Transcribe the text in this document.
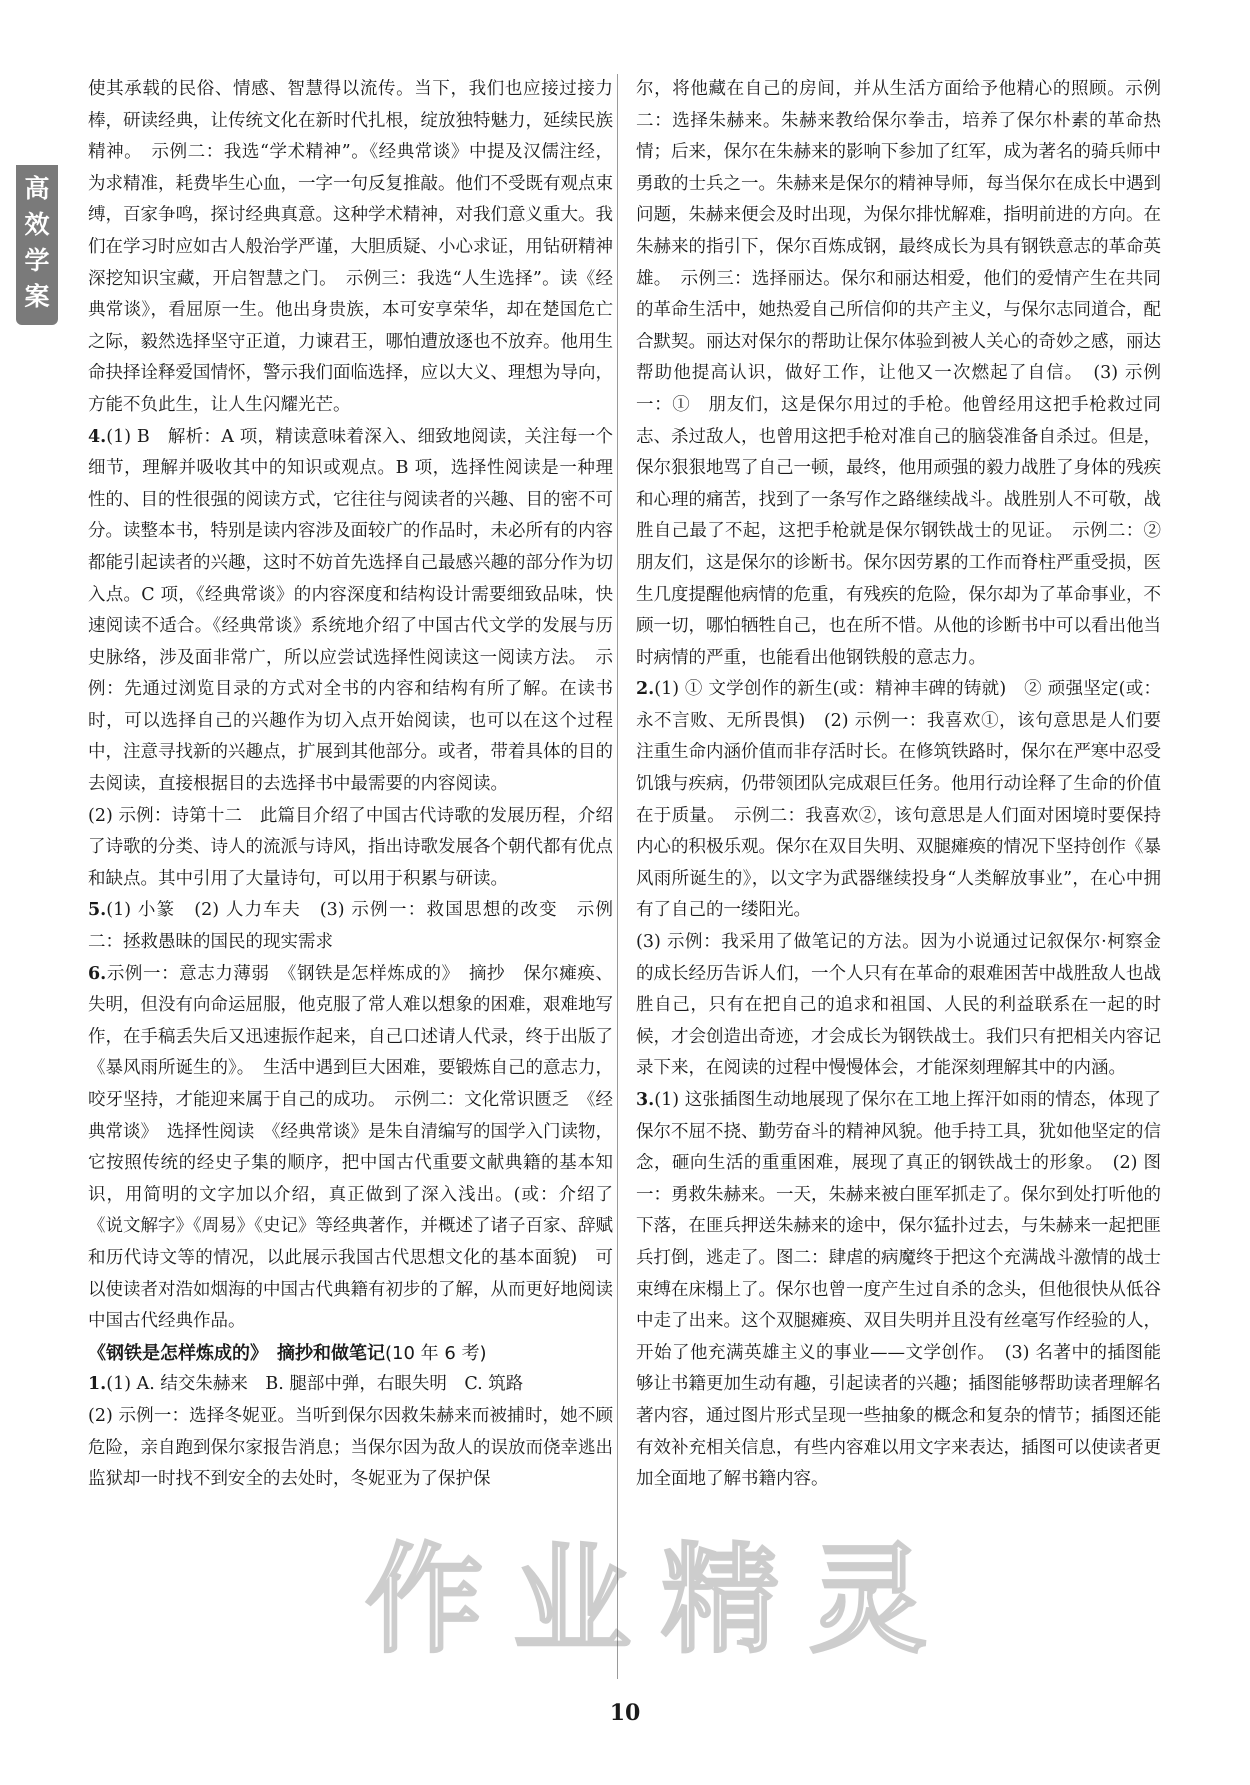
高
效
学
案

使其承载的民俗、情感、智慧得以流传。当下，我们也应接过接力棒，研读经典，让传统文化在新时代扎根，绽放独特魅力，延续民族精神。　示例二：我选“学术精神”。《经典常谈》中提及汉儒注经，为求精准，耗费毕生心血，一字一句反复推敲。他们不受既有观点束缚，百家争鸣，探讨经典真意。这种学术精神，对我们意义重大。我们在学习时应如古人般治学严谨，大胆质疑、小心求证，用钻研精神深挖知识宝藏，开启智慧之门。　示例三：我选“人生选择”。读《经典常谈》，看屈原一生。他出身贵族，本可安享荣华，却在楚国危亡之际，毅然选择坚守正道，力谏君王，哪怕遭放逐也不放弃。他用生命抉择诠释爱国情怀，警示我们面临选择，应以大义、理想为导向，方能不负此生，让人生闪耀光芒。

4.(1) B　解析：A 项，精读意味着深入、细致地阅读，关注每一个细节，理解并吸收其中的知识或观点。B 项，选择性阅读是一种理性的、目的性很强的阅读方式，它往往与阅读者的兴趣、目的密不可分。读整本书，特别是读内容涉及面较广的作品时，未必所有的内容都能引起读者的兴趣，这时不妨首先选择自己最感兴趣的部分作为切入点。C 项，《经典常谈》的内容深度和结构设计需要细致品味，快速阅读不适合。《经典常谈》系统地介绍了中国古代文学的发展与历史脉络，涉及面非常广，所以应尝试选择性阅读这一阅读方法。　示例：先通过浏览目录的方式对全书的内容和结构有所了解。在读书时，可以选择自己的兴趣作为切入点开始阅读，也可以在这个过程中，注意寻找新的兴趣点，扩展到其他部分。或者，带着具体的目的去阅读，直接根据目的去选择书中最需要的内容阅读。

(2) 示例：诗第十二　此篇目介绍了中国古代诗歌的发展历程，介绍了诗歌的分类、诗人的流派与诗风，指出诗歌发展各个朝代都有优点和缺点。其中引用了大量诗句，可以用于积累与研读。

5.(1) 小篆　(2) 人力车夫　(3) 示例一：救国思想的改变　示例二：拯救愚昧的国民的现实需求

6.示例一：意志力薄弱　《钢铁是怎样炼成的》　摘抄　保尔瘫痪、失明，但没有向命运屈服，他克服了常人难以想象的困难，艰难地写作，在手稿丢失后又迅速振作起来，自己口述请人代录，终于出版了《暴风雨所诞生的》。　生活中遇到巨大困难，要锻炼自己的意志力，咬牙坚持，才能迎来属于自己的成功。　示例二：文化常识匮乏　《经典常谈》　选择性阅读　《经典常谈》是朱自清编写的国学入门读物，它按照传统的经史子集的顺序，把中国古代重要文献典籍的基本知识，用简明的文字加以介绍，真正做到了深入浅出。(或：介绍了《说文解字》《周易》《史记》等经典著作，并概述了诸子百家、辞赋和历代诗文等的情况，以此展示我国古代思想文化的基本面貌)　可以使读者对浩如烟海的中国古代典籍有初步的了解，从而更好地阅读中国古代经典作品。

《钢铁是怎样炼成的》　摘抄和做笔记(10 年 6 考)

1.(1) A. 结交朱赫来　B. 腿部中弹，右眼失明　C. 筑路

(2) 示例一：选择冬妮亚。当听到保尔因救朱赫来而被捕时，她不顾危险，亲自跑到保尔家报告消息；当保尔因为敌人的误放而侥幸逃出监狱却一时找不到安全的去处时，冬妮亚为了保护保

尔，将他藏在自己的房间，并从生活方面给予他精心的照顾。示例二：选择朱赫来。朱赫来教给保尔拳击，培养了保尔朴素的革命热情；后来，保尔在朱赫来的影响下参加了红军，成为著名的骑兵师中勇敢的士兵之一。朱赫来是保尔的精神导师，每当保尔在成长中遇到问题，朱赫来便会及时出现，为保尔排忧解难，指明前进的方向。在朱赫来的指引下，保尔百炼成钢，最终成长为具有钢铁意志的革命英雄。　示例三：选择丽达。保尔和丽达相爱，他们的爱情产生在共同的革命生活中，她热爱自己所信仰的共产主义，与保尔志同道合，配合默契。丽达对保尔的帮助让保尔体验到被人关心的奇妙之感，丽达帮助他提高认识，做好工作，让他又一次燃起了自信。　(3) 示例一：①　朋友们，这是保尔用过的手枪。他曾经用这把手枪救过同志、杀过敌人，也曾用这把手枪对准自己的脑袋准备自杀过。但是，保尔狠狠地骂了自己一顿，最终，他用顽强的毅力战胜了身体的残疾和心理的痛苦，找到了一条写作之路继续战斗。战胜别人不可敬，战胜自己最了不起，这把手枪就是保尔钢铁战士的见证。　示例二：②　朋友们，这是保尔的诊断书。保尔因劳累的工作而脊柱严重受损，医生几度提醒他病情的危重，有残疾的危险，保尔却为了革命事业，不顾一切，哪怕牺牲自己，也在所不惜。从他的诊断书中可以看出他当时病情的严重，也能看出他钢铁般的意志力。

2.(1) ① 文学创作的新生(或：精神丰碑的铸就)　② 顽强坚定(或：永不言败、无所畏惧)　(2) 示例一：我喜欢①，该句意思是人们要注重生命内涵价值而非存活时长。在修筑铁路时，保尔在严寒中忍受饥饿与疾病，仍带领团队完成艰巨任务。他用行动诠释了生命的价值在于质量。　示例二：我喜欢②，该句意思是人们面对困境时要保持内心的积极乐观。保尔在双目失明、双腿瘫痪的情况下坚持创作《暴风雨所诞生的》，以文字为武器继续投身“人类解放事业”，在心中拥有了自己的一缕阳光。

(3) 示例：我采用了做笔记的方法。因为小说通过记叙保尔·柯察金的成长经历告诉人们，一个人只有在革命的艰难困苦中战胜敌人也战胜自己，只有在把自己的追求和祖国、人民的利益联系在一起的时候，才会创造出奇迹，才会成长为钢铁战士。我们只有把相关内容记录下来，在阅读的过程中慢慢体会，才能深刻理解其中的内涵。

3.(1) 这张插图生动地展现了保尔在工地上挥汗如雨的情态，体现了保尔不屈不挠、勤劳奋斗的精神风貌。他手持工具，犹如他坚定的信念，砸向生活的重重困难，展现了真正的钢铁战士的形象。　(2) 图一：勇救朱赫来。一天，朱赫来被白匪军抓走了。保尔到处打听他的下落，在匪兵押送朱赫来的途中，保尔猛扑过去，与朱赫来一起把匪兵打倒，逃走了。图二：肆虐的病魔终于把这个充满战斗激情的战士束缚在床榻上了。保尔也曾一度产生过自杀的念头，但他很快从低谷中走了出来。这个双腿瘫痪、双目失明并且没有丝毫写作经验的人，开始了他充满英雄主义的事业——文学创作。　(3) 名著中的插图能够让书籍更加生动有趣，引起读者的兴趣；插图能够帮助读者理解名著内容，通过图片形式呈现一些抽象的概念和复杂的情节；插图还能有效补充相关信息，有些内容难以用文字来表达，插图可以使读者更加全面地了解书籍内容。

作业精灵
10
